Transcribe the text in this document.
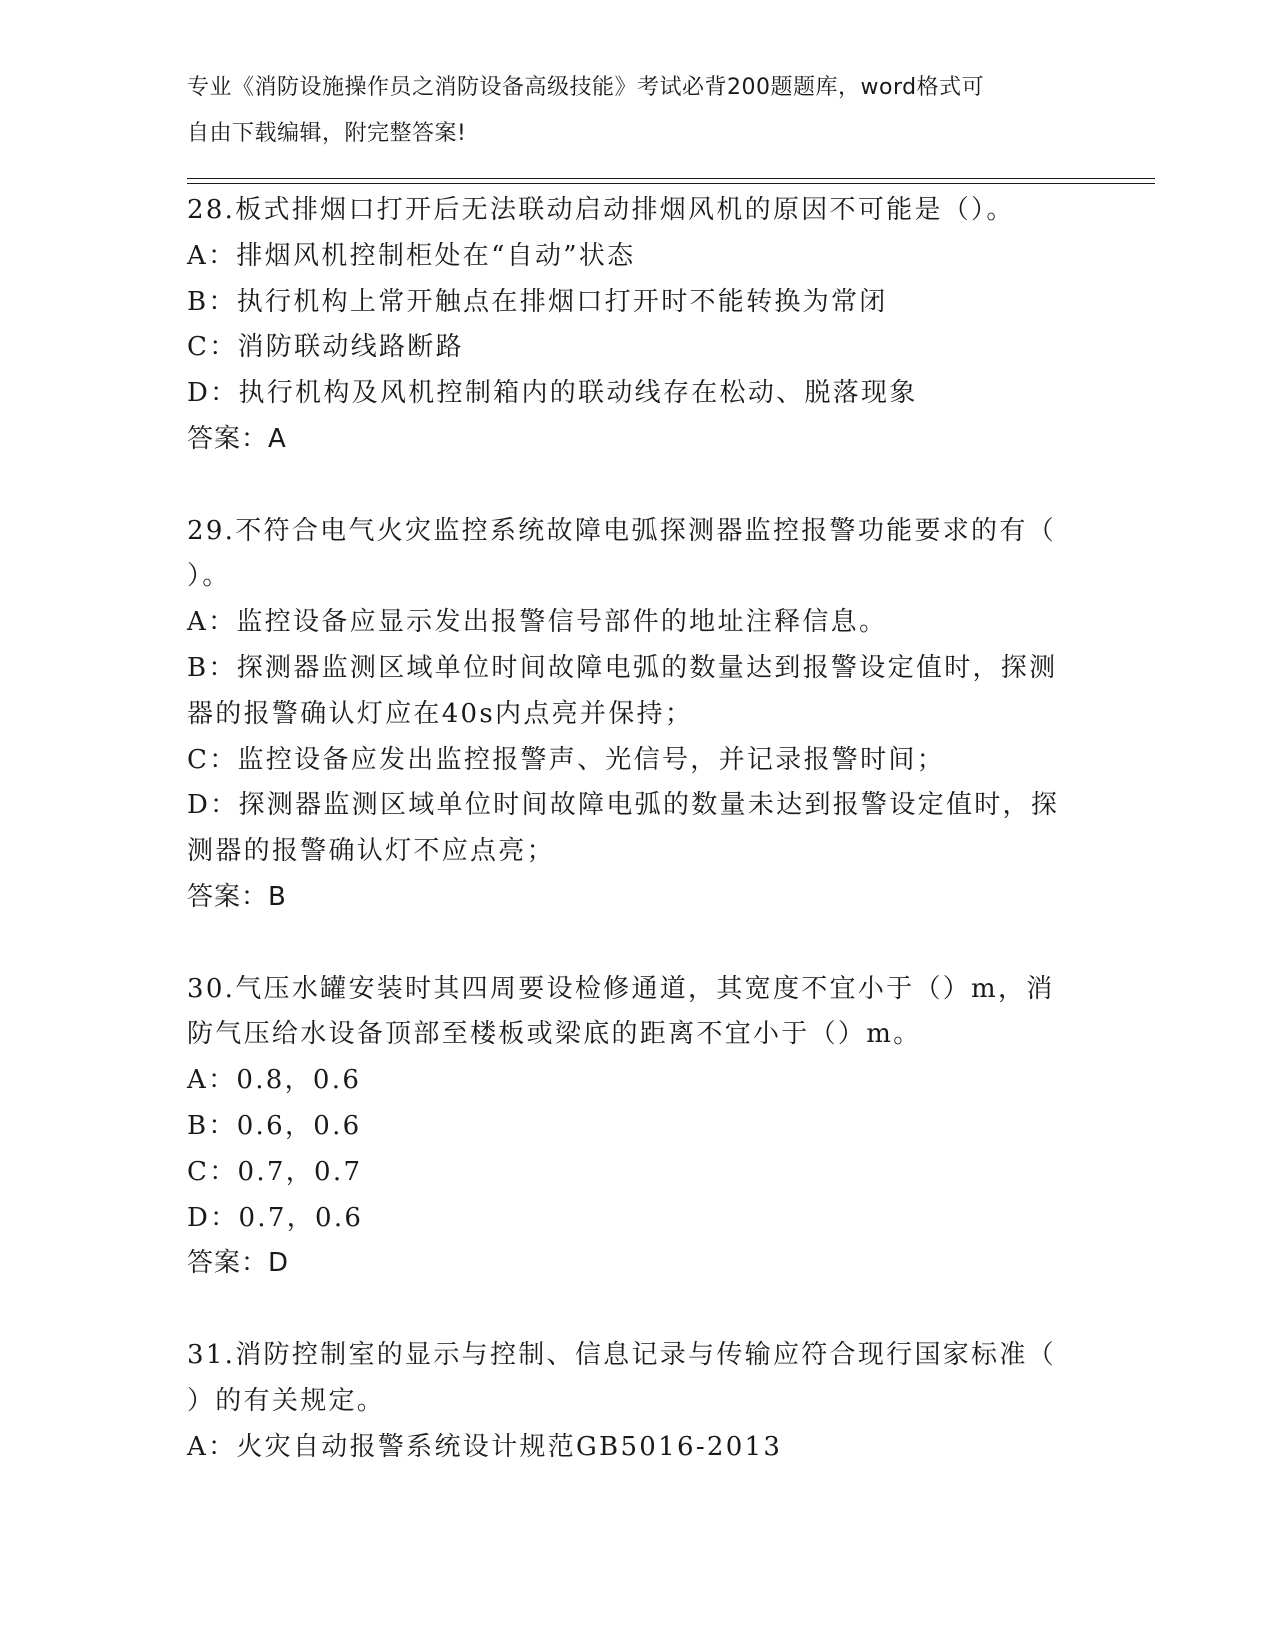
专业《消防设施操作员之消防设备高级技能》考试必背200题题库，word格式可
自由下载编辑，附完整答案!
28.板式排烟口打开后无法联动启动排烟风机的原因不可能是（）。
A：排烟风机控制柜处在“自动”状态
B：执行机构上常开触点在排烟口打开时不能转换为常闭
C：消防联动线路断路
D：执行机构及风机控制箱内的联动线存在松动、脱落现象
答案：A
29.不符合电气火灾监控系统故障电弧探测器监控报警功能要求的有（
）。
A：监控设备应显示发出报警信号部件的地址注释信息。
B：探测器监测区域单位时间故障电弧的数量达到报警设定值时，探测
器的报警确认灯应在40s内点亮并保持；
C：监控设备应发出监控报警声、光信号，并记录报警时间；
D：探测器监测区域单位时间故障电弧的数量未达到报警设定值时，探
测器的报警确认灯不应点亮；
答案：B
30.气压水罐安装时其四周要设检修通道，其宽度不宜小于（）m，消
防气压给水设备顶部至楼板或梁底的距离不宜小于（）m。
A：0.8，0.6
B：0.6，0.6
C：0.7，0.7
D：0.7，0.6
答案：D
31.消防控制室的显示与控制、信息记录与传输应符合现行国家标准（
）的有关规定。
A：火灾自动报警系统设计规范GB5016-2013
